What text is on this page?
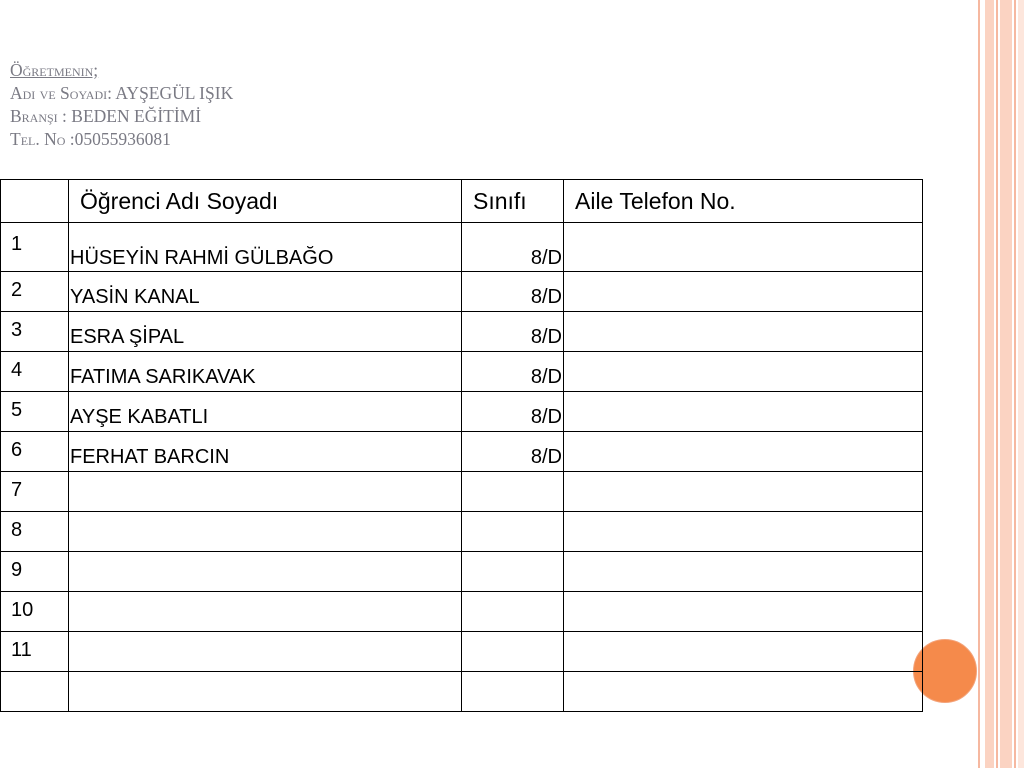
Öğretmenin;
Adı ve Soyadı: AYŞEGÜL IŞIK
Branşı : BEDEN EĞİTİMİ
Tel. No :05055936081

	Öğrenci Adı Soyadı	Sınıfı	Aile Telefon No.

1	HÜSEYİN RAHMİ GÜLBAĞO	8/D	

2	YASİN KANAL	8/D	

3	ESRA ŞİPAL	8/D	

4	FATIMA SARIKAVAK	8/D	

5	AYŞE KABATLI	8/D	

6	FERHAT BARCIN	8/D	

7			

8			

9			

10			

11			
